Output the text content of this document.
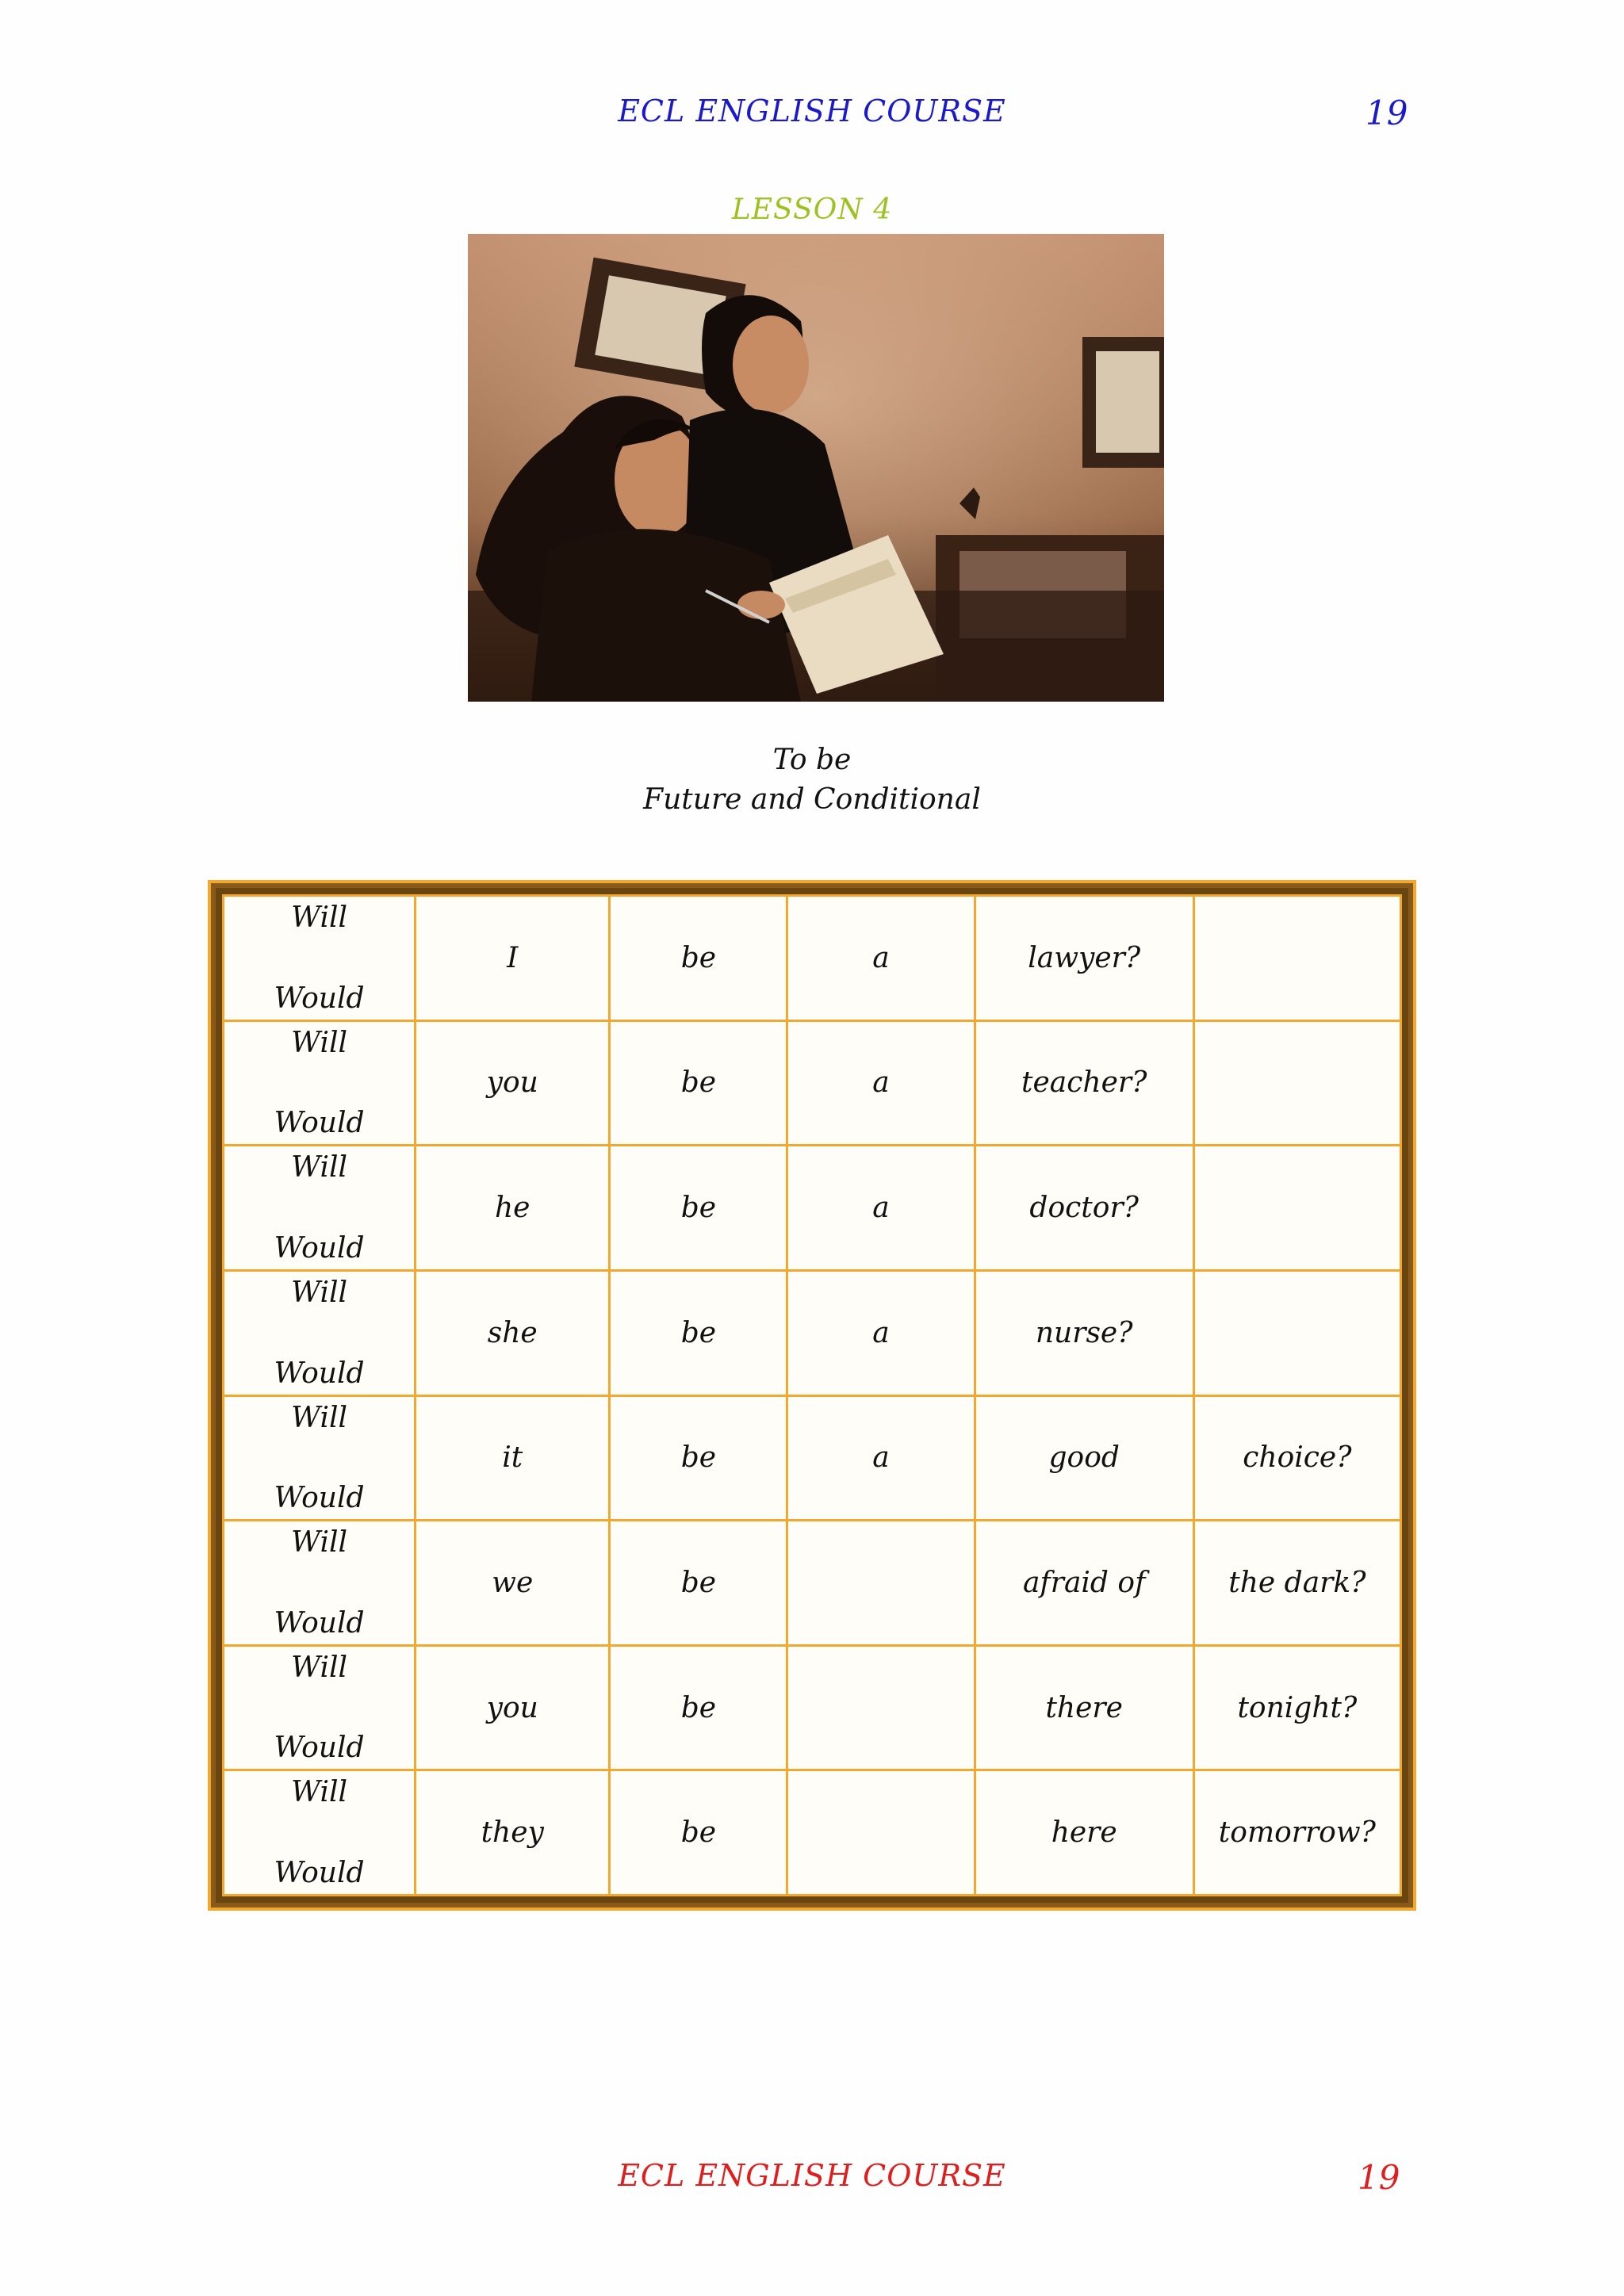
ECL ENGLISH COURSE	19
LESSON 4
To be
Future and Conditional
Will
Would	I	be	a	lawyer?	

Will
Would	you	be	a	teacher?	

Will
Would	he	be	a	doctor?	

Will
Would	she	be	a	nurse?	

Will
Would	it	be	a	good	choice?

Will
Would	we	be		afraid of	the dark?

Will
Would	you	be		there	tonight?

Will
Would	they	be		here	tomorrow?
ECL ENGLISH COURSE	19
